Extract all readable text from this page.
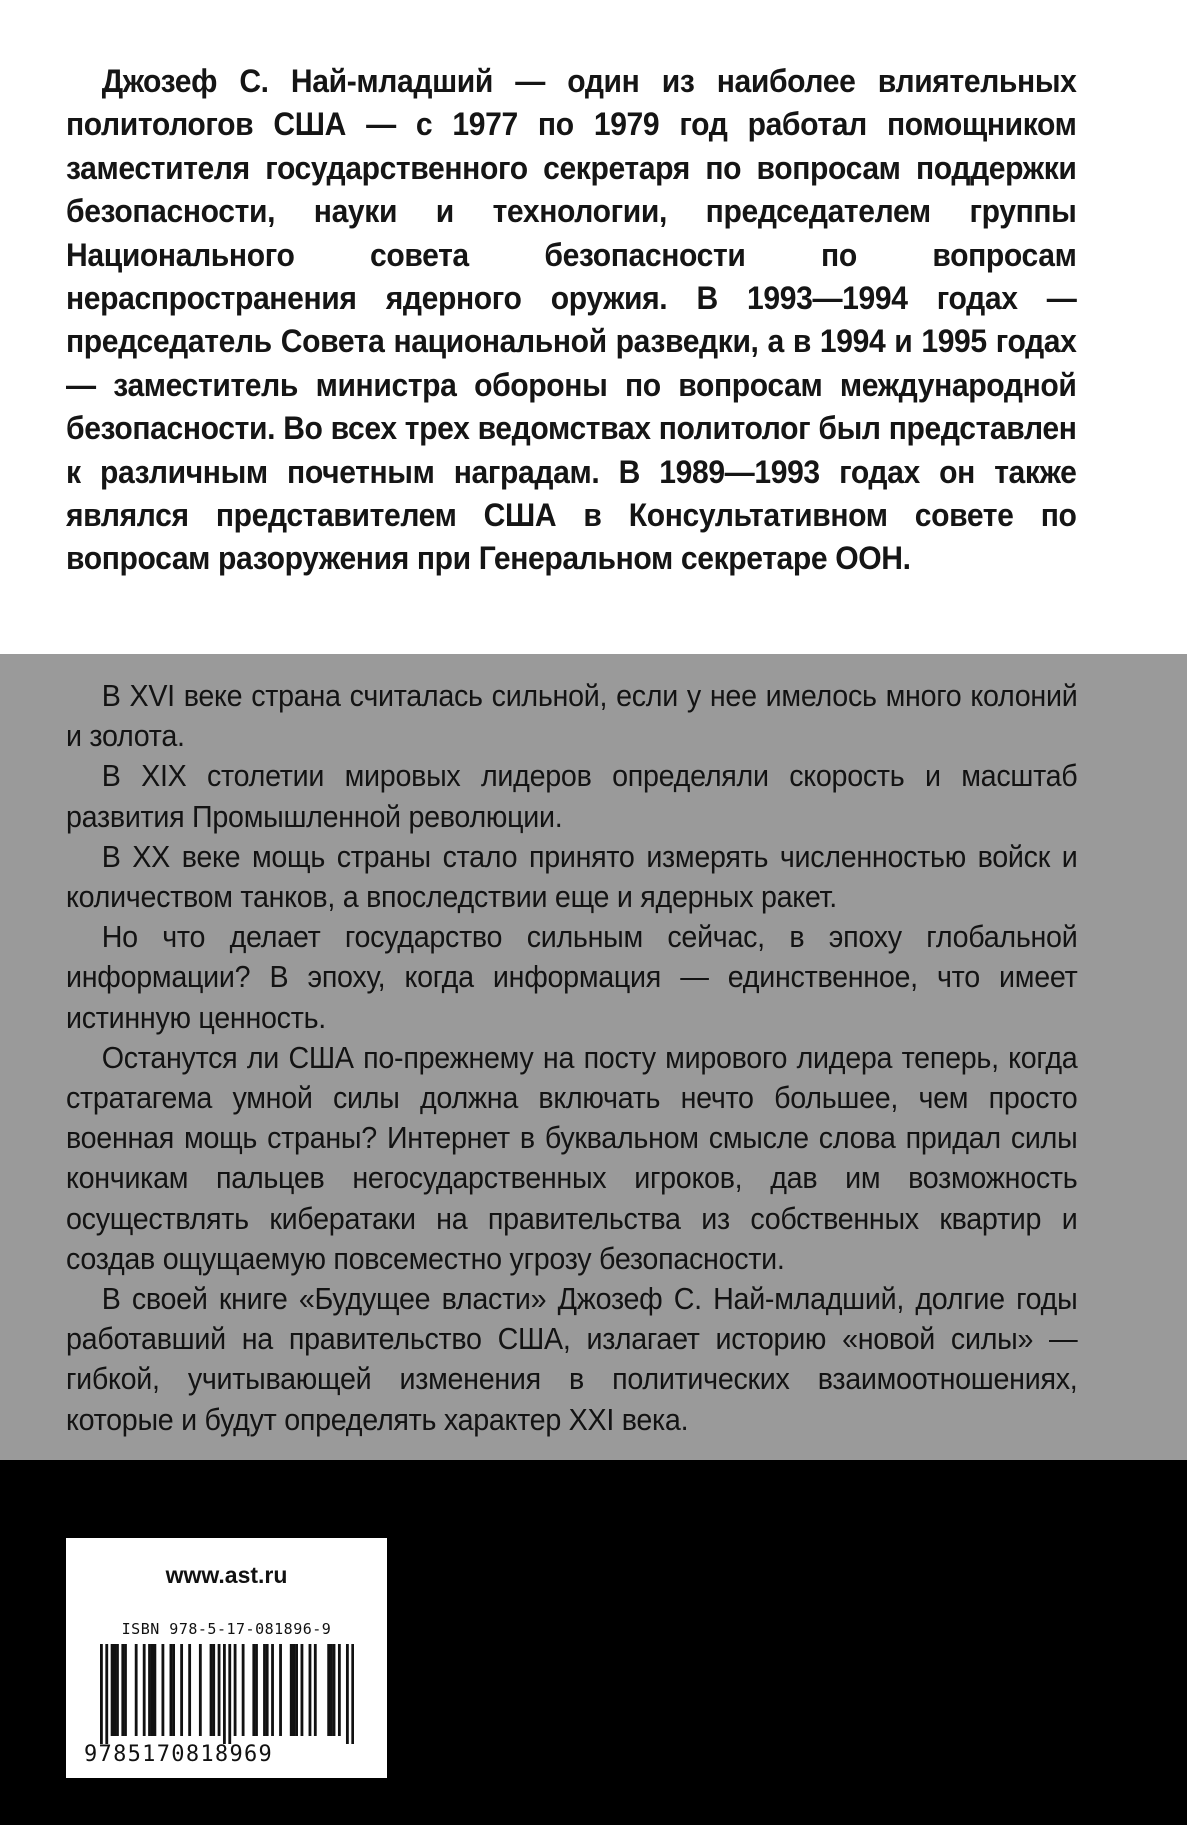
Джозеф С. Най-младший — один из наиболее влиятельных политологов США — с 1977 по 1979 год работал помощником заместителя государственного секретаря по вопросам поддержки безопасности, науки и технологии, председателем группы Национального совета безопасности по вопросам нераспространения ядерного оружия. В 1993—1994 годах — председатель Совета национальной разведки, а в 1994 и 1995 годах — заместитель министра обороны по вопросам международной безопасности. Во всех трех ведомствах политолог был представлен к различным почетным наградам. В 1989—1993 годах он также являлся представителем США в Консультативном совете по вопросам разоружения при Генеральном секретаре ООН.

В XVI веке страна считалась сильной, если у нее имелось много колоний и золота.

В XIX столетии мировых лидеров определяли скорость и масштаб развития Промышленной революции.

В XX веке мощь страны стало принято измерять численностью войск и количеством танков, а впоследствии еще и ядерных ракет.

Но что делает государство сильным сейчас, в эпоху глобальной информации? В эпоху, когда информация — единственное, что имеет истинную ценность.

Останутся ли США по-прежнему на посту мирового лидера теперь, когда стратагема умной силы должна включать нечто большее, чем просто военная мощь страны? Интернет в буквальном смысле слова придал силы кончикам пальцев негосударственных игроков, дав им возможность осуществлять кибератаки на правительства из собственных квартир и создав ощущаемую повсеместно угрозу безопасности.

В своей книге «Будущее власти» Джозеф С. Най-младший, долгие годы работавший на правительство США, излагает историю «новой силы» — гибкой, учитывающей изменения в политических взаимоотношениях, которые и будут определять характер XXI века.

www.ast.ru
ISBN 978-5-17-081896-9
9785170818969
